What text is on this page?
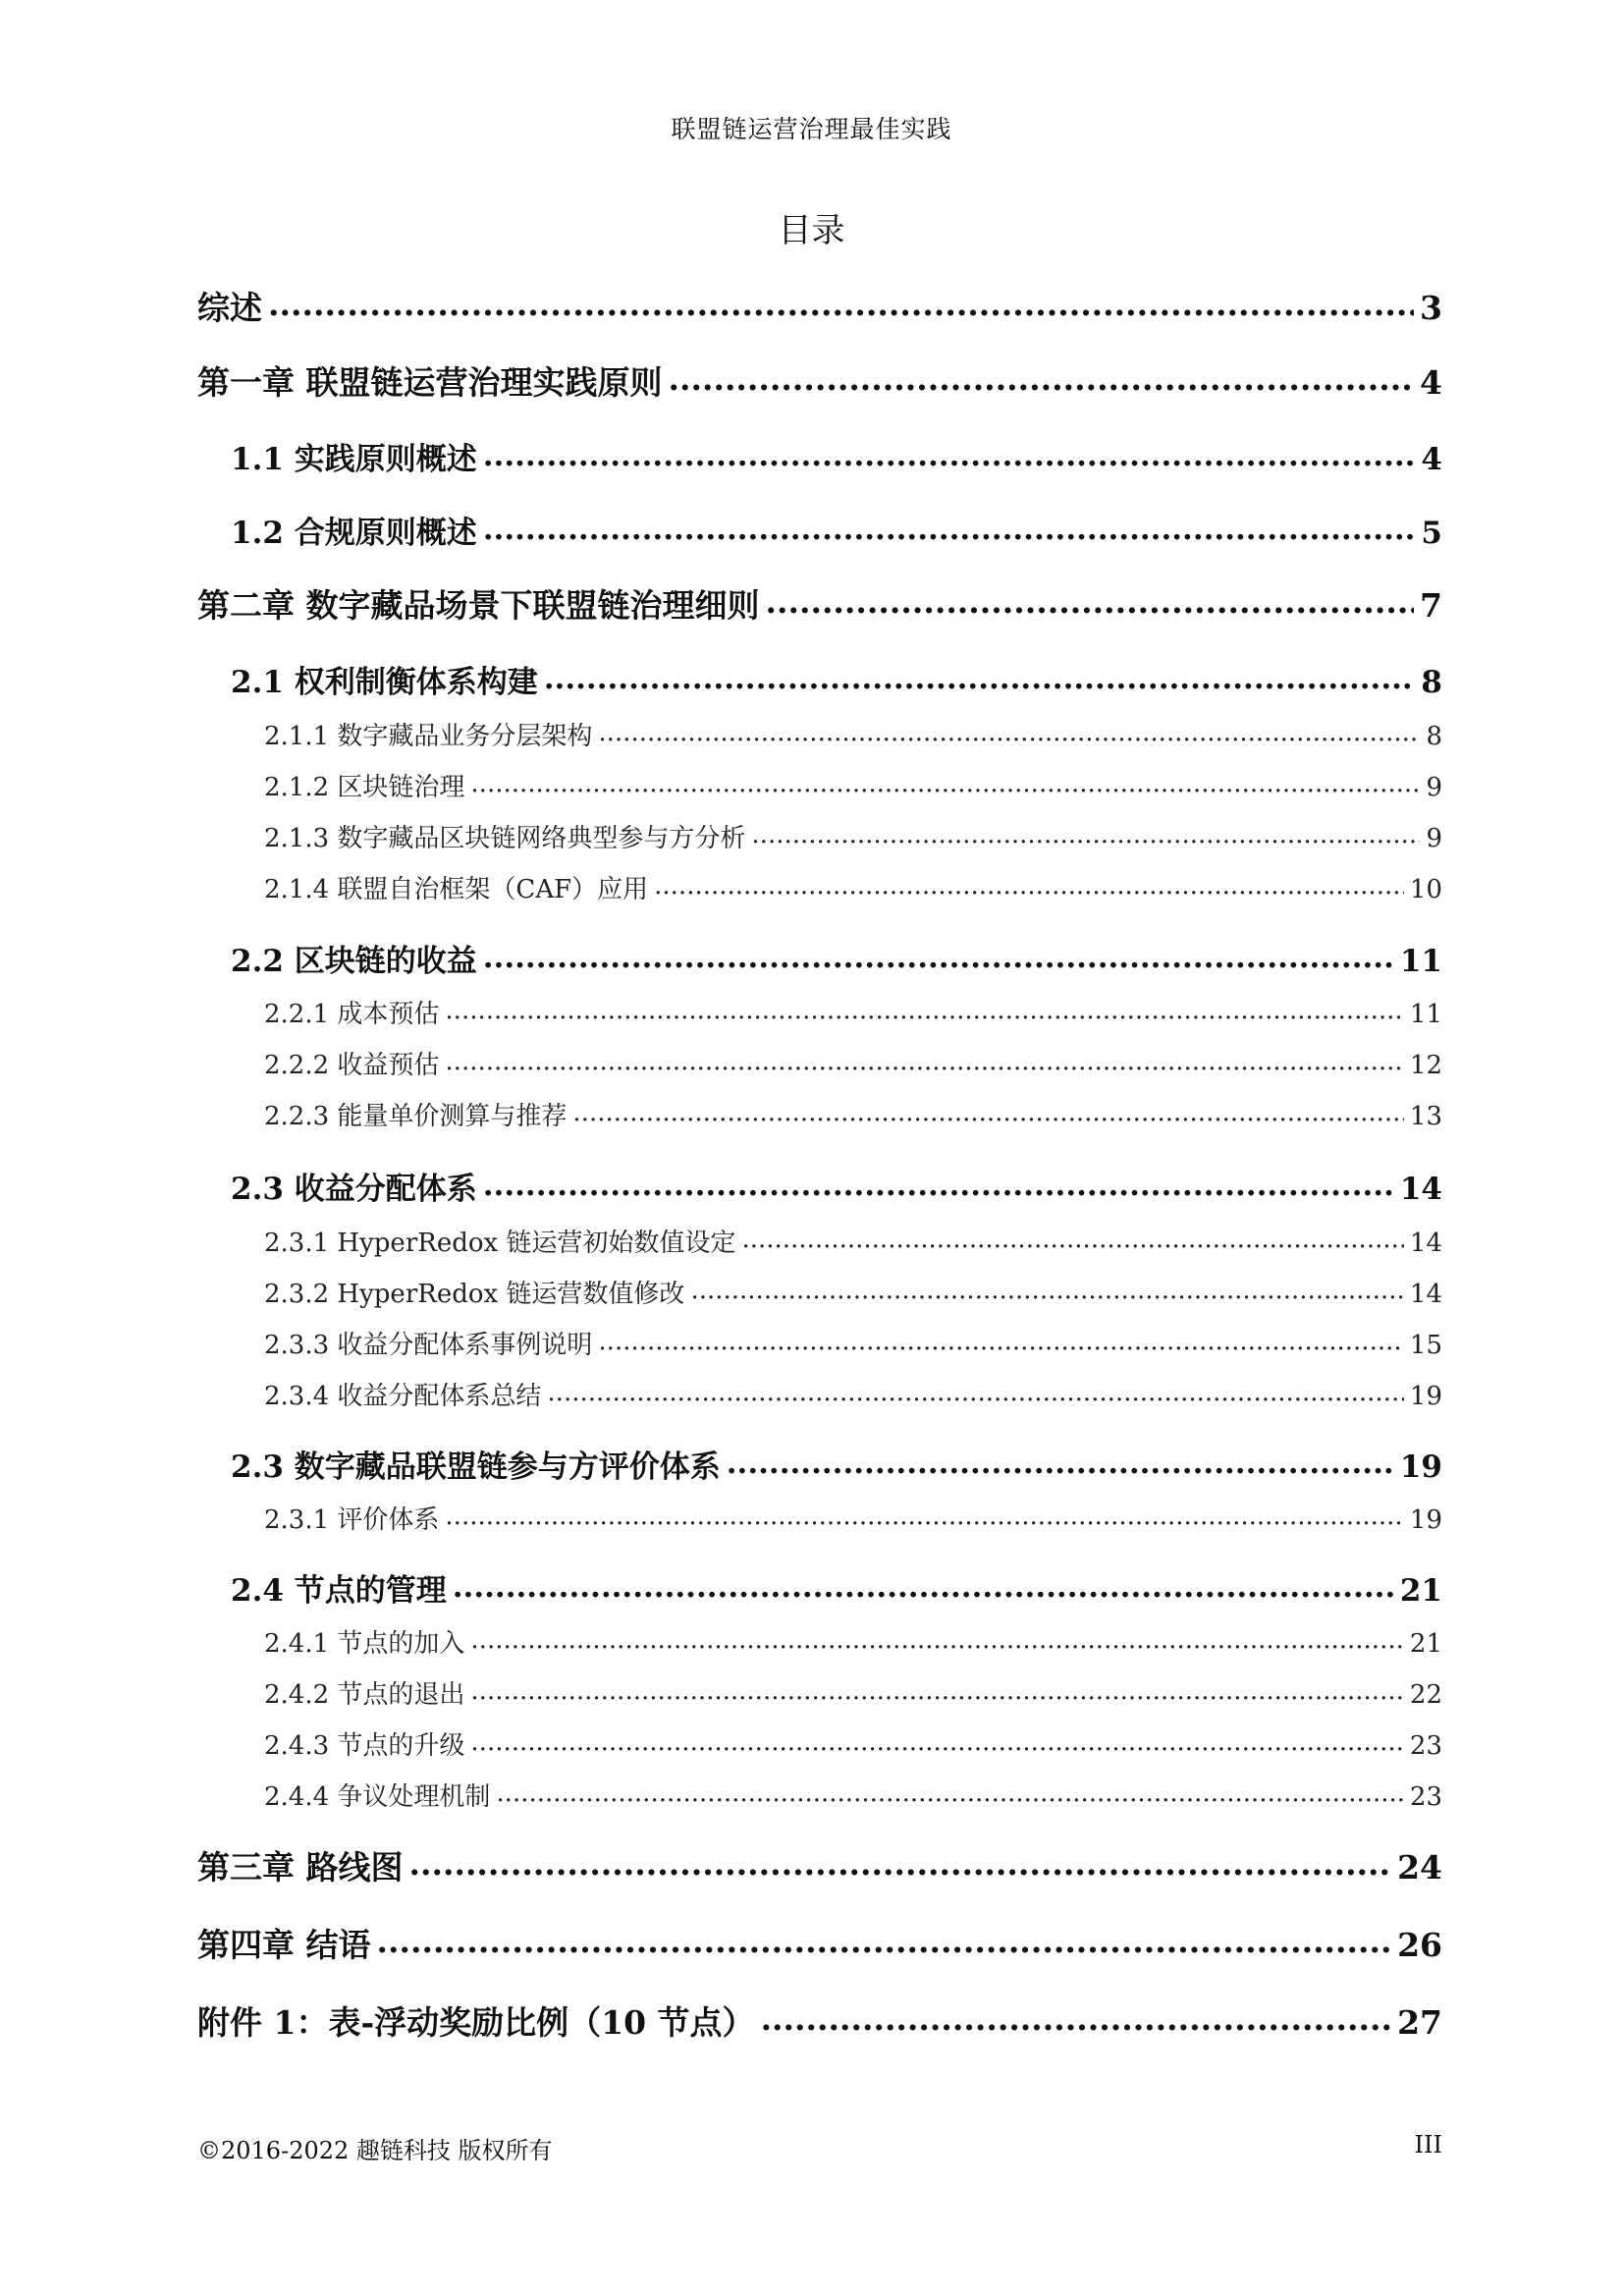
联盟链运营治理最佳实践
目录
综述 .....	3
第一章 联盟链运营治理实践原则 .....	4
1.1 实践原则概述 .....	4
1.2 合规原则概述 .....	5
第二章 数字藏品场景下联盟链治理细则 .....	7
2.1 权利制衡体系构建 .....	8
2.1.1 数字藏品业务分层架构 .....	8
2.1.2 区块链治理 .....	9
2.1.3 数字藏品区块链网络典型参与方分析 .....	9
2.1.4 联盟自治框架（CAF）应用 .....	10
2.2 区块链的收益 .....	11
2.2.1 成本预估 .....	11
2.2.2 收益预估 .....	12
2.2.3 能量单价测算与推荐 .....	13
2.3 收益分配体系 .....	14
2.3.1 HyperRedox 链运营初始数值设定 .....	14
2.3.2 HyperRedox 链运营数值修改 .....	14
2.3.3 收益分配体系事例说明 .....	15
2.3.4 收益分配体系总结 .....	19
2.3 数字藏品联盟链参与方评价体系 .....	19
2.3.1 评价体系 .....	19
2.4 节点的管理 .....	21
2.4.1 节点的加入 .....	21
2.4.2 节点的退出 .....	22
2.4.3 节点的升级 .....	23
2.4.4 争议处理机制 .....	23
第三章 路线图 .....	24
第四章 结语 .....	26
附件 1：表-浮动奖励比例（10 节点） .....	27
©2016-2022 趣链科技 版权所有	III
